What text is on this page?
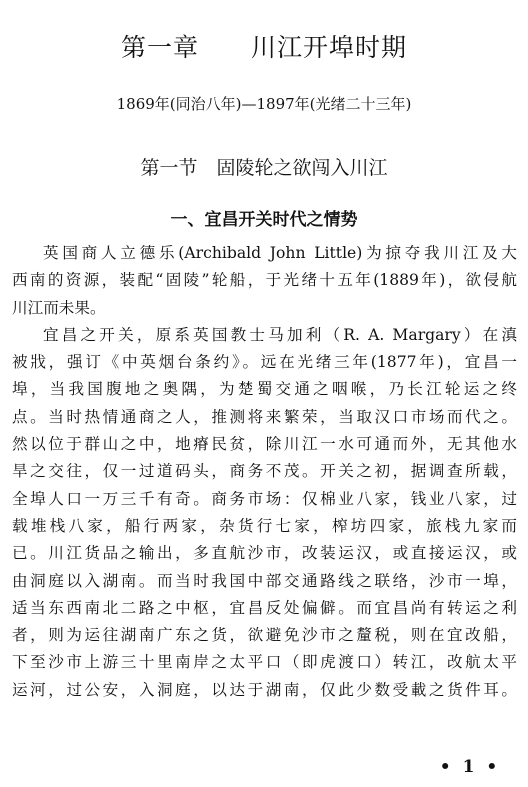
第一章　　川江开埠时期
1869年(同治八年)—1897年(光绪二十三年)
第一节　固陵轮之欲闯入川江
一、宜昌开关时代之情势
英国商人立德乐(Archibald John Little)为掠夺我川江及大
西南的资源，装配“固陵”轮船，于光绪十五年(1889年)，欲侵航
川江而未果。
宜昌之开关，原系英国教士马加利（R. A. Margary）在滇
被戕，强订《中英烟台条约》。远在光绪三年(1877年)，宜昌一
埠，当我国腹地之奥隅，为楚蜀交通之咽喉，乃长江轮运之终
点。当时热情通商之人，推测将来繁荣，当取汉口市场而代之。
然以位于群山之中，地瘠民贫，除川江一水可通而外，无其他水
旱之交往，仅一过道码头，商务不茂。开关之初，据调查所载，
全埠人口一万三千有奇。商务市场：仅棉业八家，钱业八家，过
载堆栈八家，船行两家，杂货行七家，榨坊四家，旅栈九家而
已。川江货品之输出，多直航沙市，改装运汉，或直接运汉，或
由洞庭以入湖南。而当时我国中部交通路线之联络，沙市一埠，
适当东西南北二路之中枢，宜昌反处偏僻。而宜昌尚有转运之利
者，则为运往湖南广东之货，欲避免沙市之釐税，则在宜改船，
下至沙市上游三十里南岸之太平口（即虎渡口）转江，改航太平
运河，过公安，入洞庭，以达于湖南，仅此少数受載之货件耳。
• 1 •
